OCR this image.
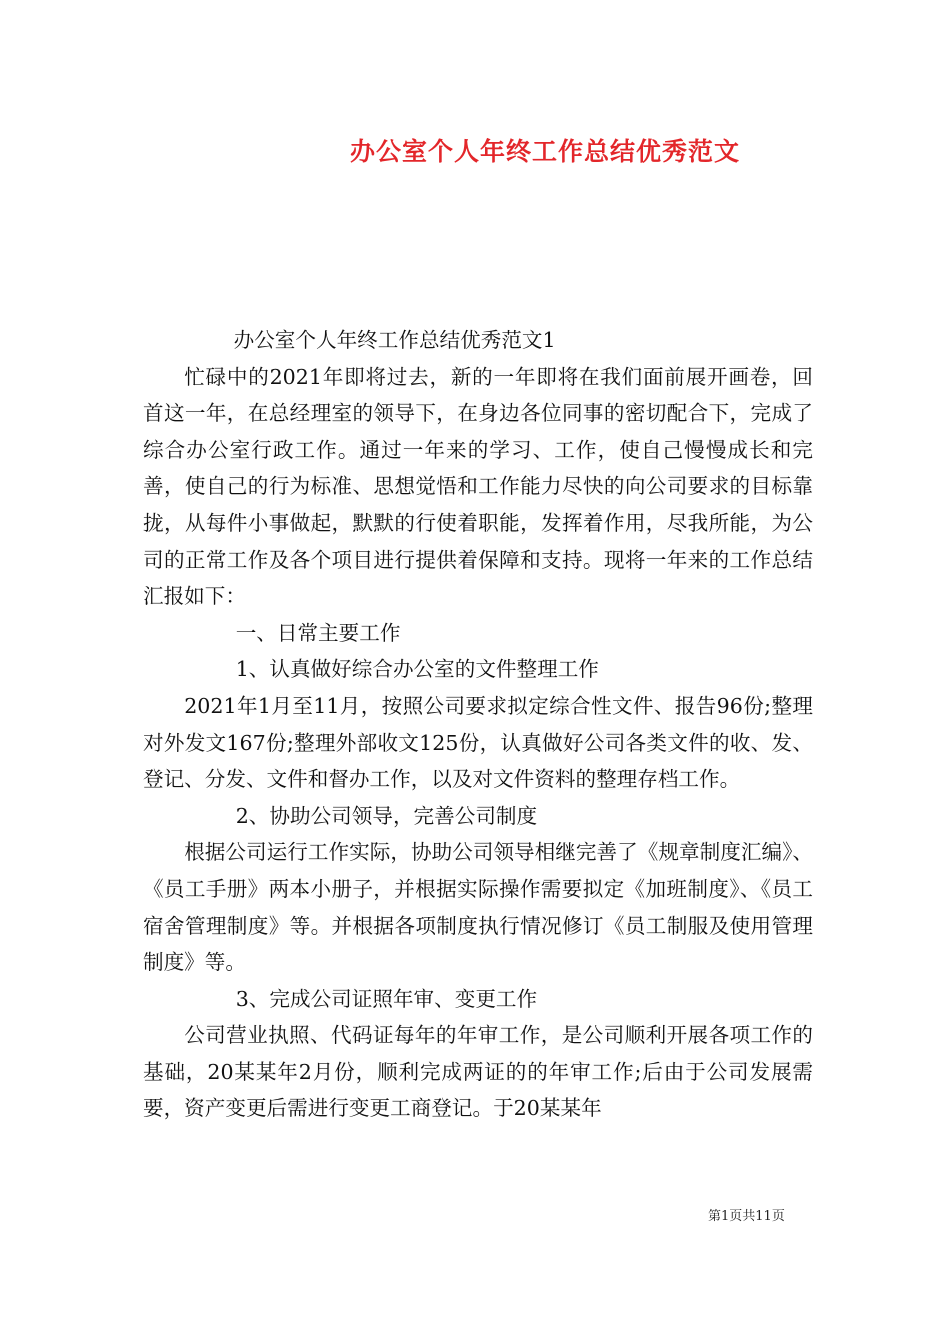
办公室个人年终工作总结优秀范文

办公室个人年终工作总结优秀范文1

忙碌中的2021年即将过去，新的一年即将在我们面前展开画卷，回首这一年，在总经理室的领导下，在身边各位同事的密切配合下，完成了综合办公室行政工作。通过一年来的学习、工作，使自己慢慢成长和完善，使自己的行为标准、思想觉悟和工作能力尽快的向公司要求的目标靠拢，从每件小事做起，默默的行使着职能，发挥着作用，尽我所能，为公司的正常工作及各个项目进行提供着保障和支持。现将一年来的工作总结汇报如下：

一、日常主要工作

1、认真做好综合办公室的文件整理工作

2021年1月至11月，按照公司要求拟定综合性文件、报告96份;整理对外发文167份;整理外部收文125份，认真做好公司各类文件的收、发、登记、分发、文件和督办工作，以及对文件资料的整理存档工作。

2、协助公司领导，完善公司制度

根据公司运行工作实际，协助公司领导相继完善了《规章制度汇编》、《员工手册》两本小册子，并根据实际操作需要拟定《加班制度》、《员工宿舍管理制度》等。并根据各项制度执行情况修订《员工制服及使用管理制度》等。

3、完成公司证照年审、变更工作

公司营业执照、代码证每年的年审工作，是公司顺利开展各项工作的基础，20某某年2月份，顺利完成两证的的年审工作;后由于公司发展需要，资产变更后需进行变更工商登记。于20某某年

第1页共11页
